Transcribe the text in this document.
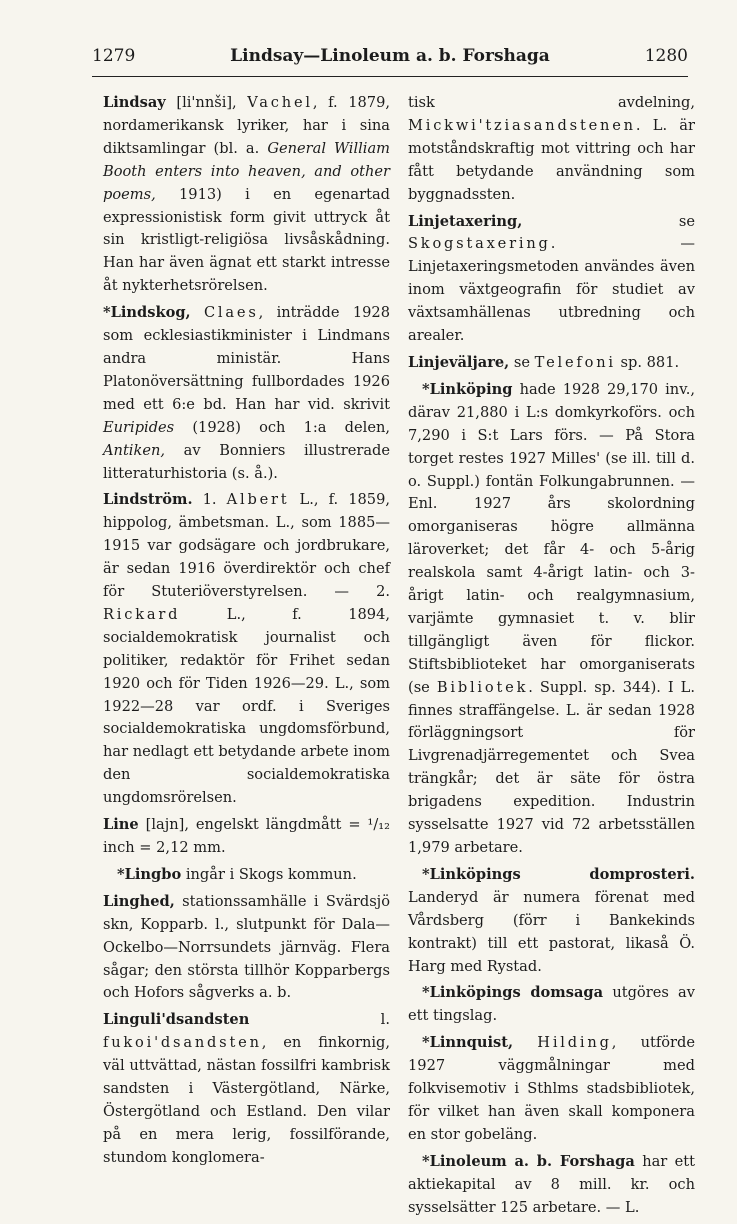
1279	Lindsay—Linoleum a. b. Forshaga	1280

Lindsay [li'nnši], Vachel, f. 1879, nordamerikansk lyriker, har i sina diktsamlingar (bl. a. General William Booth enters into heaven, and other poems, 1913) i en egenartad expressionistisk form givit uttryck åt sin kristligt-religiösa livsåskådning. Han har även ägnat ett starkt intresse åt nykterhetsrörelsen.

*Lindskog, Claes, inträdde 1928 som ecklesiastikminister i Lindmans andra ministär. Hans Platonöversättning fullbordades 1926 med ett 6:e bd. Han har vid. skrivit Euripides (1928) och 1:a delen, Antiken, av Bonniers illustrerade litteraturhistoria (s. å.).

Lindström. 1. Albert L., f. 1859, hippolog, ämbetsman. L., som 1885—1915 var godsägare och jordbrukare, är sedan 1916 överdirektör och chef för Stuteriöverstyrelsen. — 2. Rickard L., f. 1894, socialdemokratisk journalist och politiker, redaktör för Frihet sedan 1920 och för Tiden 1926—29. L., som 1922—28 var ordf. i Sveriges socialdemokratiska ungdomsförbund, har nedlagt ett betydande arbete inom den socialdemokratiska ungdomsrörelsen.

Line [lajn], engelskt längdmått = ¹/₁₂ inch = 2,12 mm.

*Lingbo ingår i Skogs kommun.

Linghed, stationssamhälle i Svärdsjö skn, Kopparb. l., slutpunkt för Dala—Ockelbo—Norrsundets järnväg. Flera sågar; den största tillhör Kopparbergs och Hofors sågverks a. b.

Linguli'dsandsten l. fukoi'dsandsten, en finkornig, väl uttvättad, nästan fossilfri kambrisk sandsten i Västergötland, Närke, Östergötland och Estland. Den vilar på en mera lerig, fossilförande, stundom konglomera-

tisk avdelning, Mickwi'tziasandstenen. L. är motståndskraftig mot vittring och har fått betydande användning som byggnadssten.

Linjetaxering, se Skogstaxering. — Linjetaxeringsmetoden användes även inom växtgeografin för studiet av växtsamhällenas utbredning och arealer.

Linjeväljare, se Telefoni sp. 881.

*Linköping hade 1928 29,170 inv., därav 21,880 i L:s domkyrkoförs. och 7,290 i S:t Lars förs. — På Stora torget restes 1927 Milles' (se ill. till d. o. Suppl.) fontän Folkungabrunnen. — Enl. 1927 års skolordning omorganiseras högre allmänna läroverket; det får 4- och 5-årig realskola samt 4-årigt latin- och 3-årigt latin- och realgymnasium, varjämte gymnasiet t. v. blir tillgängligt även för flickor. Stiftsbiblioteket har omorganiserats (se Bibliotek. Suppl. sp. 344). I L. finnes straffängelse. L. är sedan 1928 förläggningsort för Livgrenadjärregementet och Svea trängkår; det är säte för östra brigadens expedition. Industrin sysselsatte 1927 vid 72 arbetsställen 1,979 arbetare.

*Linköpings domprosteri. Landeryd är numera förenat med Vårdsberg (förr i Bankekinds kontrakt) till ett pastorat, likaså Ö. Harg med Rystad.

*Linköpings domsaga utgöres av ett tingslag.

*Linnquist, Hilding, utförde 1927 väggmålningar med folkvisemotiv i Sthlms stadsbibliotek, för vilket han även skall komponera en stor gobeläng.

*Linoleum a. b. Forshaga har ett aktiekapital av 8 mill. kr. och sysselsätter 125 arbetare. — L.
